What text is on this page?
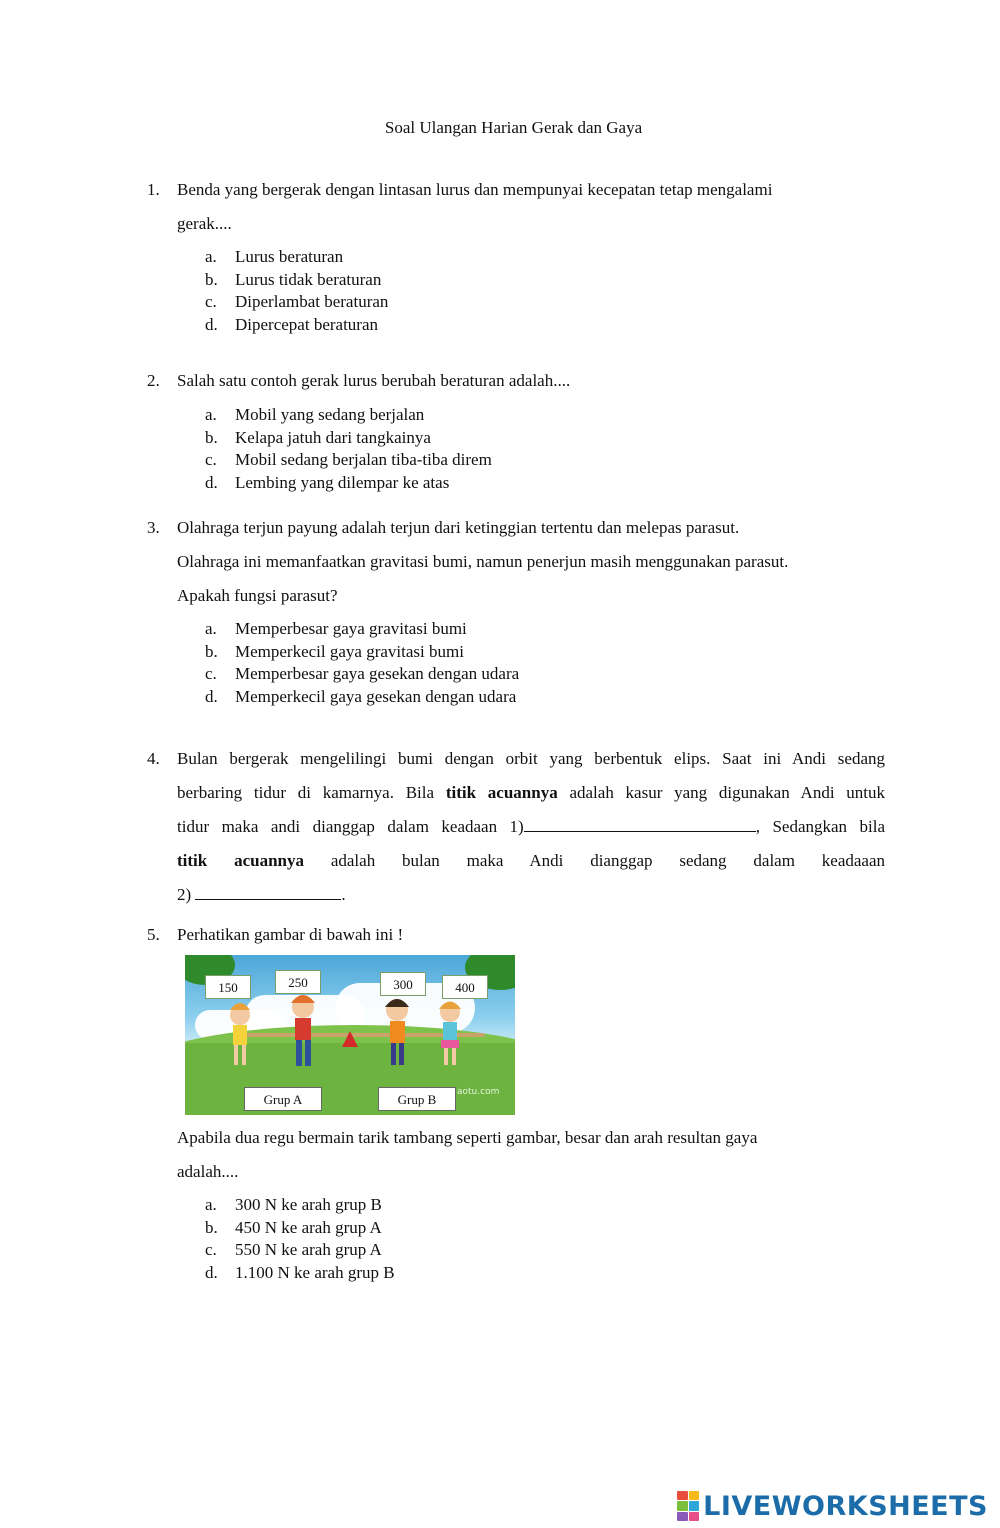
Soal Ulangan Harian Gerak dan Gaya
1. Benda yang bergerak dengan lintasan lurus dan mempunyai kecepatan tetap mengalami
gerak....
a. Lurus beraturan
b. Lurus tidak beraturan
c. Diperlambat beraturan
d. Dipercepat beraturan
2. Salah satu contoh gerak lurus berubah beraturan adalah....
a. Mobil yang sedang berjalan
b. Kelapa jatuh dari tangkainya
c. Mobil sedang berjalan tiba-tiba direm
d. Lembing yang dilempar ke atas
3. Olahraga terjun payung adalah terjun dari ketinggian tertentu dan melepas parasut.
Olahraga ini memanfaatkan gravitasi bumi, namun penerjun masih menggunakan parasut.
Apakah fungsi parasut?
a. Memperbesar gaya gravitasi bumi
b. Memperkecil gaya gravitasi bumi
c. Memperbesar gaya gesekan dengan udara
d. Memperkecil gaya gesekan dengan udara
4. Bulan bergerak mengelilingi bumi dengan orbit yang berbentuk elips. Saat ini Andi sedang
berbaring tidur di kamarnya. Bila titik acuannya adalah kasur yang digunakan Andi untuk
tidur maka andi dianggap dalam keadaan 1)	, Sedangkan bila
titik acuannya adalah bulan maka Andi dianggap sedang dalam keadaaan
2)	.
5. Perhatikan gambar di bawah ini !
150	250	300	400
Grup A	Grup B	aotu.com
Apabila dua regu bermain tarik tambang seperti gambar, besar dan arah resultan gaya
adalah....
a. 300 N ke arah grup B
b. 450 N ke arah grup A
c. 550 N ke arah grup A
d. 1.100 N ke arah grup B
LIVEWORKSHEETS
